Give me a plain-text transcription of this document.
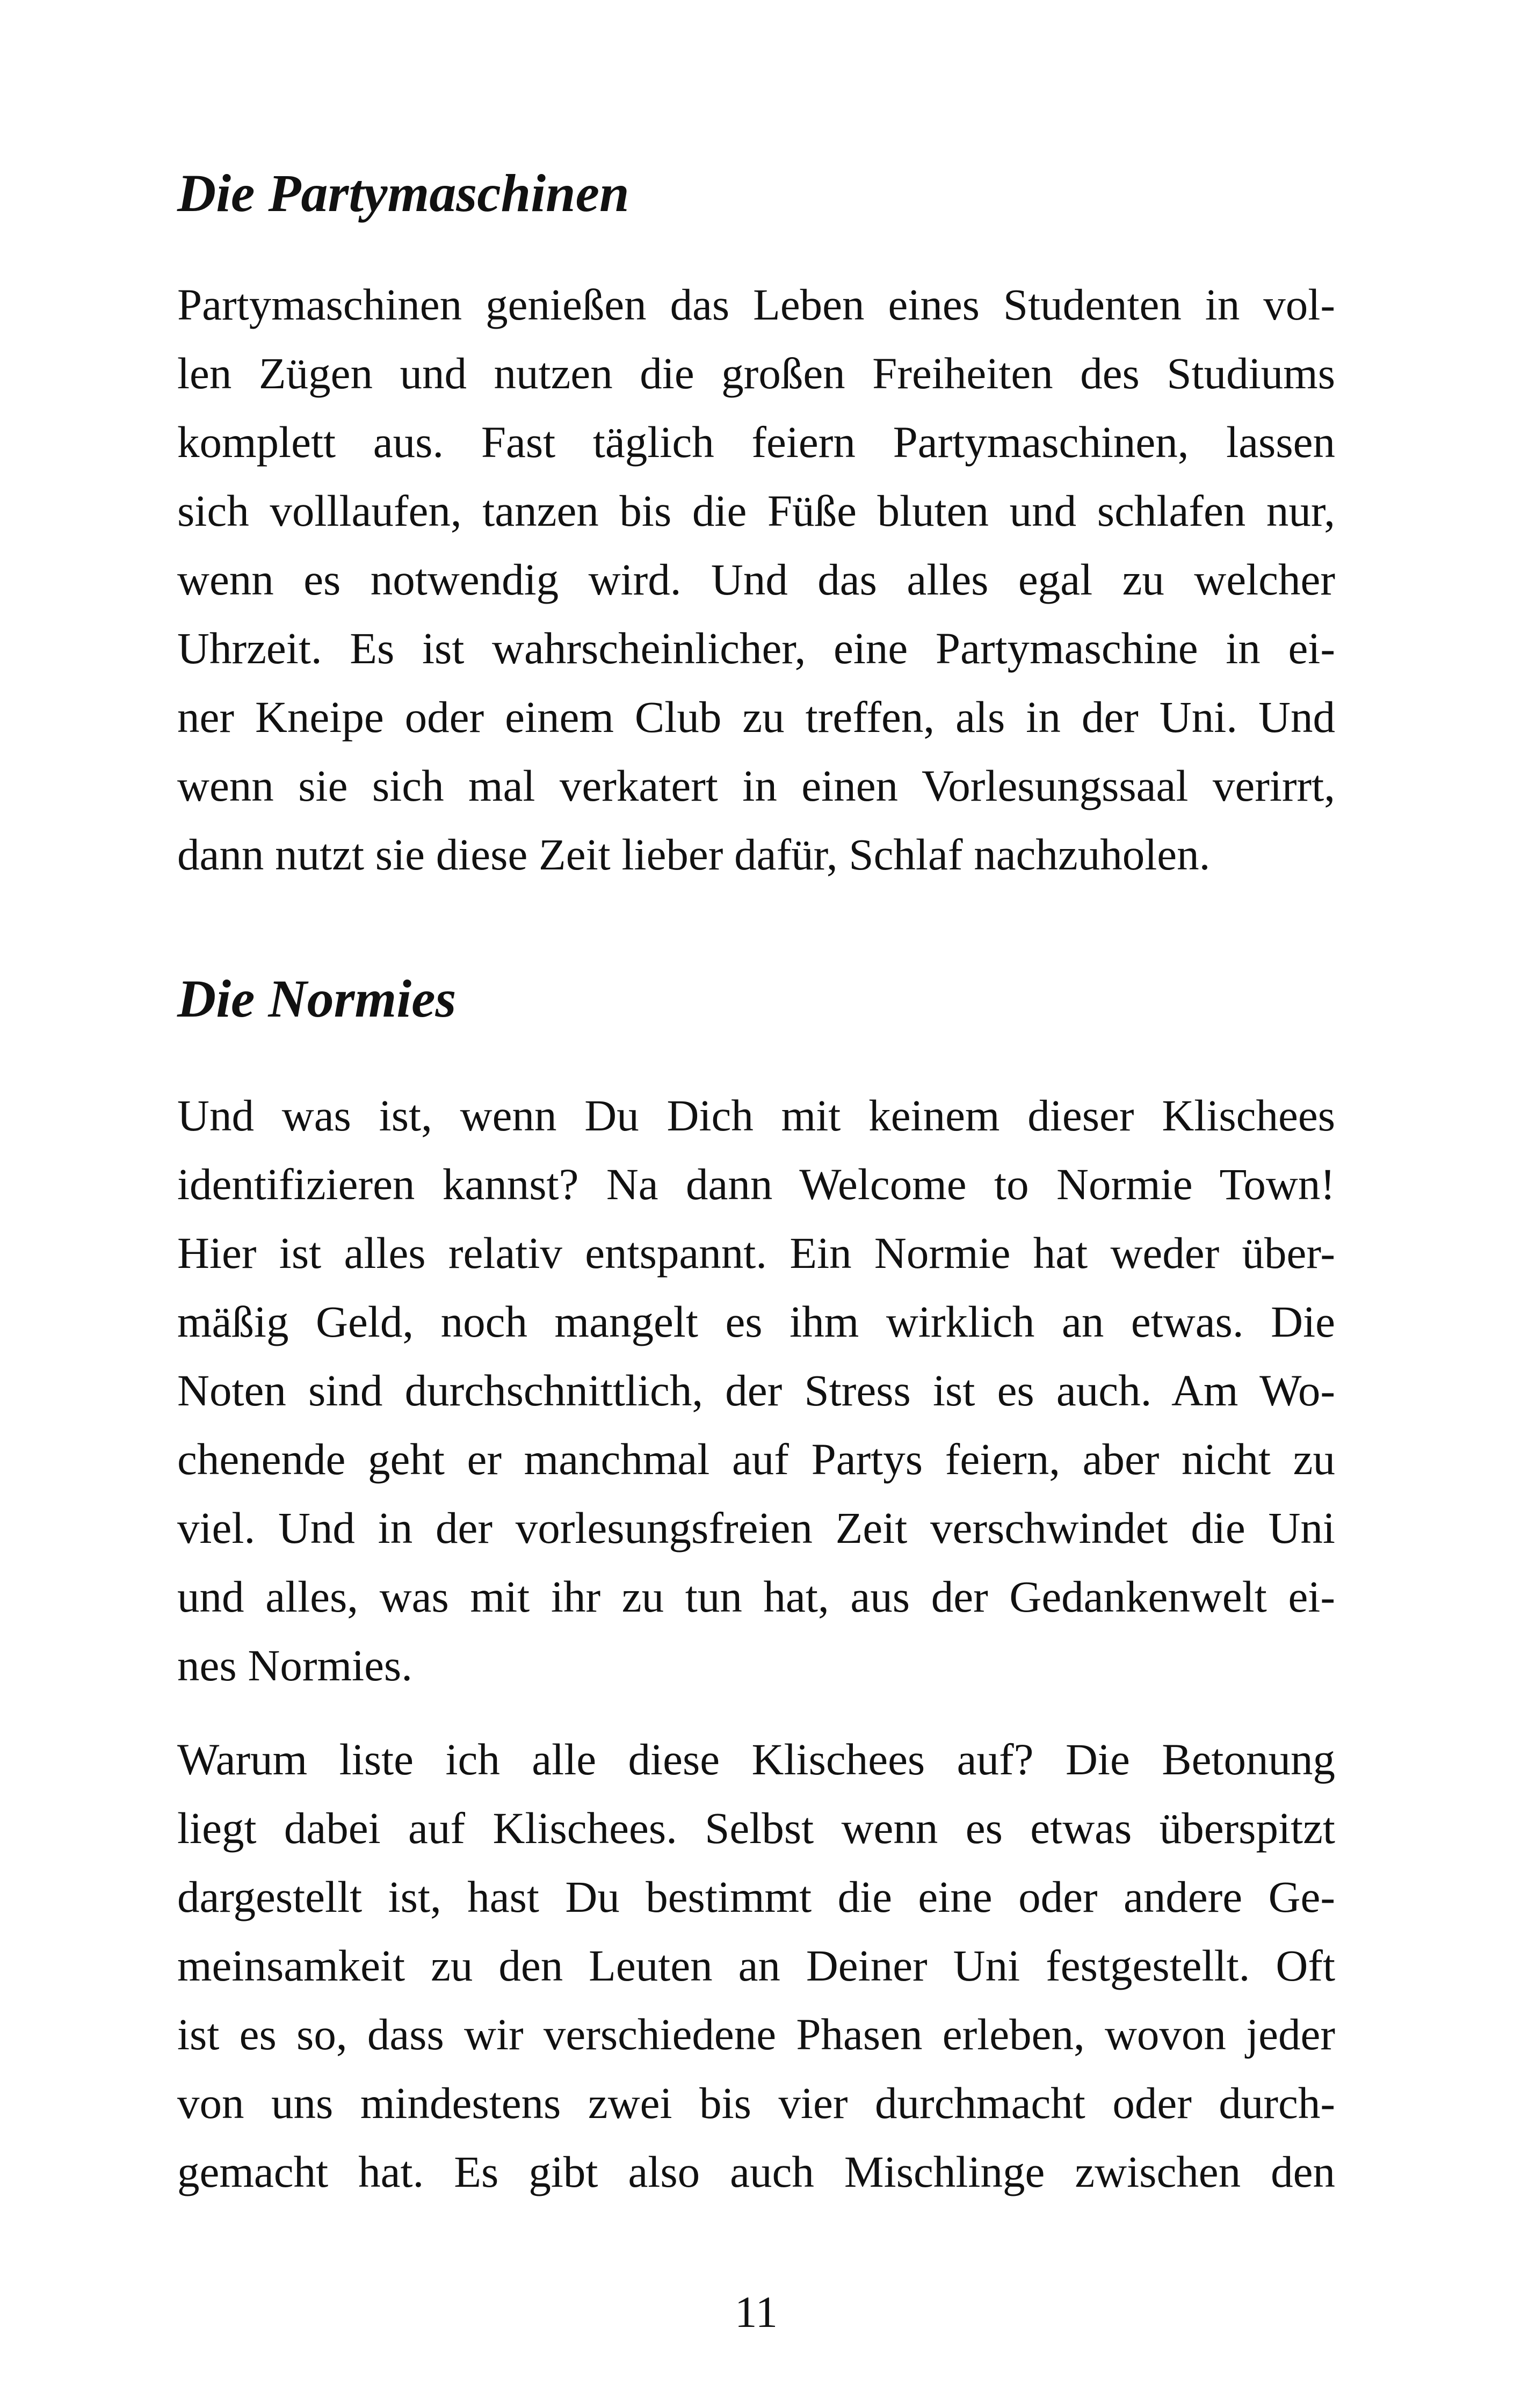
Die Partymaschinen
Partymaschinen genießen das Leben eines Studenten in vol-
len Zügen und nutzen die großen Freiheiten des Studiums
komplett aus. Fast täglich feiern Partymaschinen, lassen
sich volllaufen, tanzen bis die Füße bluten und schlafen nur,
wenn es notwendig wird. Und das alles egal zu welcher
Uhrzeit. Es ist wahrscheinlicher, eine Partymaschine in ei-
ner Kneipe oder einem Club zu treffen, als in der Uni. Und
wenn sie sich mal verkatert in einen Vorlesungssaal verirrt,
dann nutzt sie diese Zeit lieber dafür, Schlaf nachzuholen.
Die Normies
Und was ist, wenn Du Dich mit keinem dieser Klischees
identifizieren kannst? Na dann Welcome to Normie Town!
Hier ist alles relativ entspannt. Ein Normie hat weder über-
mäßig Geld, noch mangelt es ihm wirklich an etwas. Die
Noten sind durchschnittlich, der Stress ist es auch. Am Wo-
chenende geht er manchmal auf Partys feiern, aber nicht zu
viel. Und in der vorlesungsfreien Zeit verschwindet die Uni
und alles, was mit ihr zu tun hat, aus der Gedankenwelt ei-
nes Normies.
Warum liste ich alle diese Klischees auf? Die Betonung
liegt dabei auf Klischees. Selbst wenn es etwas überspitzt
dargestellt ist, hast Du bestimmt die eine oder andere Ge-
meinsamkeit zu den Leuten an Deiner Uni festgestellt. Oft
ist es so, dass wir verschiedene Phasen erleben, wovon jeder
von uns mindestens zwei bis vier durchmacht oder durch-
gemacht hat. Es gibt also auch Mischlinge zwischen den
11
